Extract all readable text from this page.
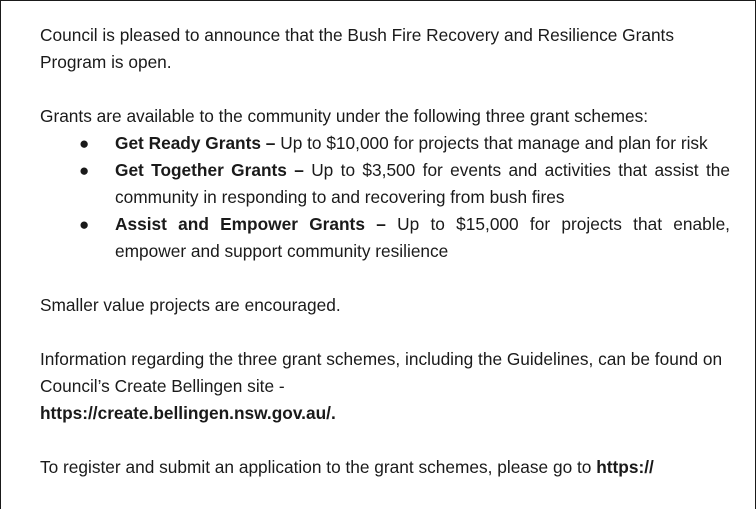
Council is pleased to announce that the Bush Fire Recovery and Resilience Grants Program is open.

Grants are available to the community under the following three grant schemes:

● Get Ready Grants – Up to $10,000 for projects that manage and plan for risk
● Get Together Grants – Up to $3,500 for events and activities that assist the community in responding to and recovering from bush fires
● Assist and Empower Grants – Up to $15,000 for projects that enable, empower and support community resilience

Smaller value projects are encouraged.

Information regarding the three grant schemes, including the Guidelines, can be found on Council’s Create Bellingen site -
https://create.bellingen.nsw.gov.au/.

To register and submit an application to the grant schemes, please go to https://
